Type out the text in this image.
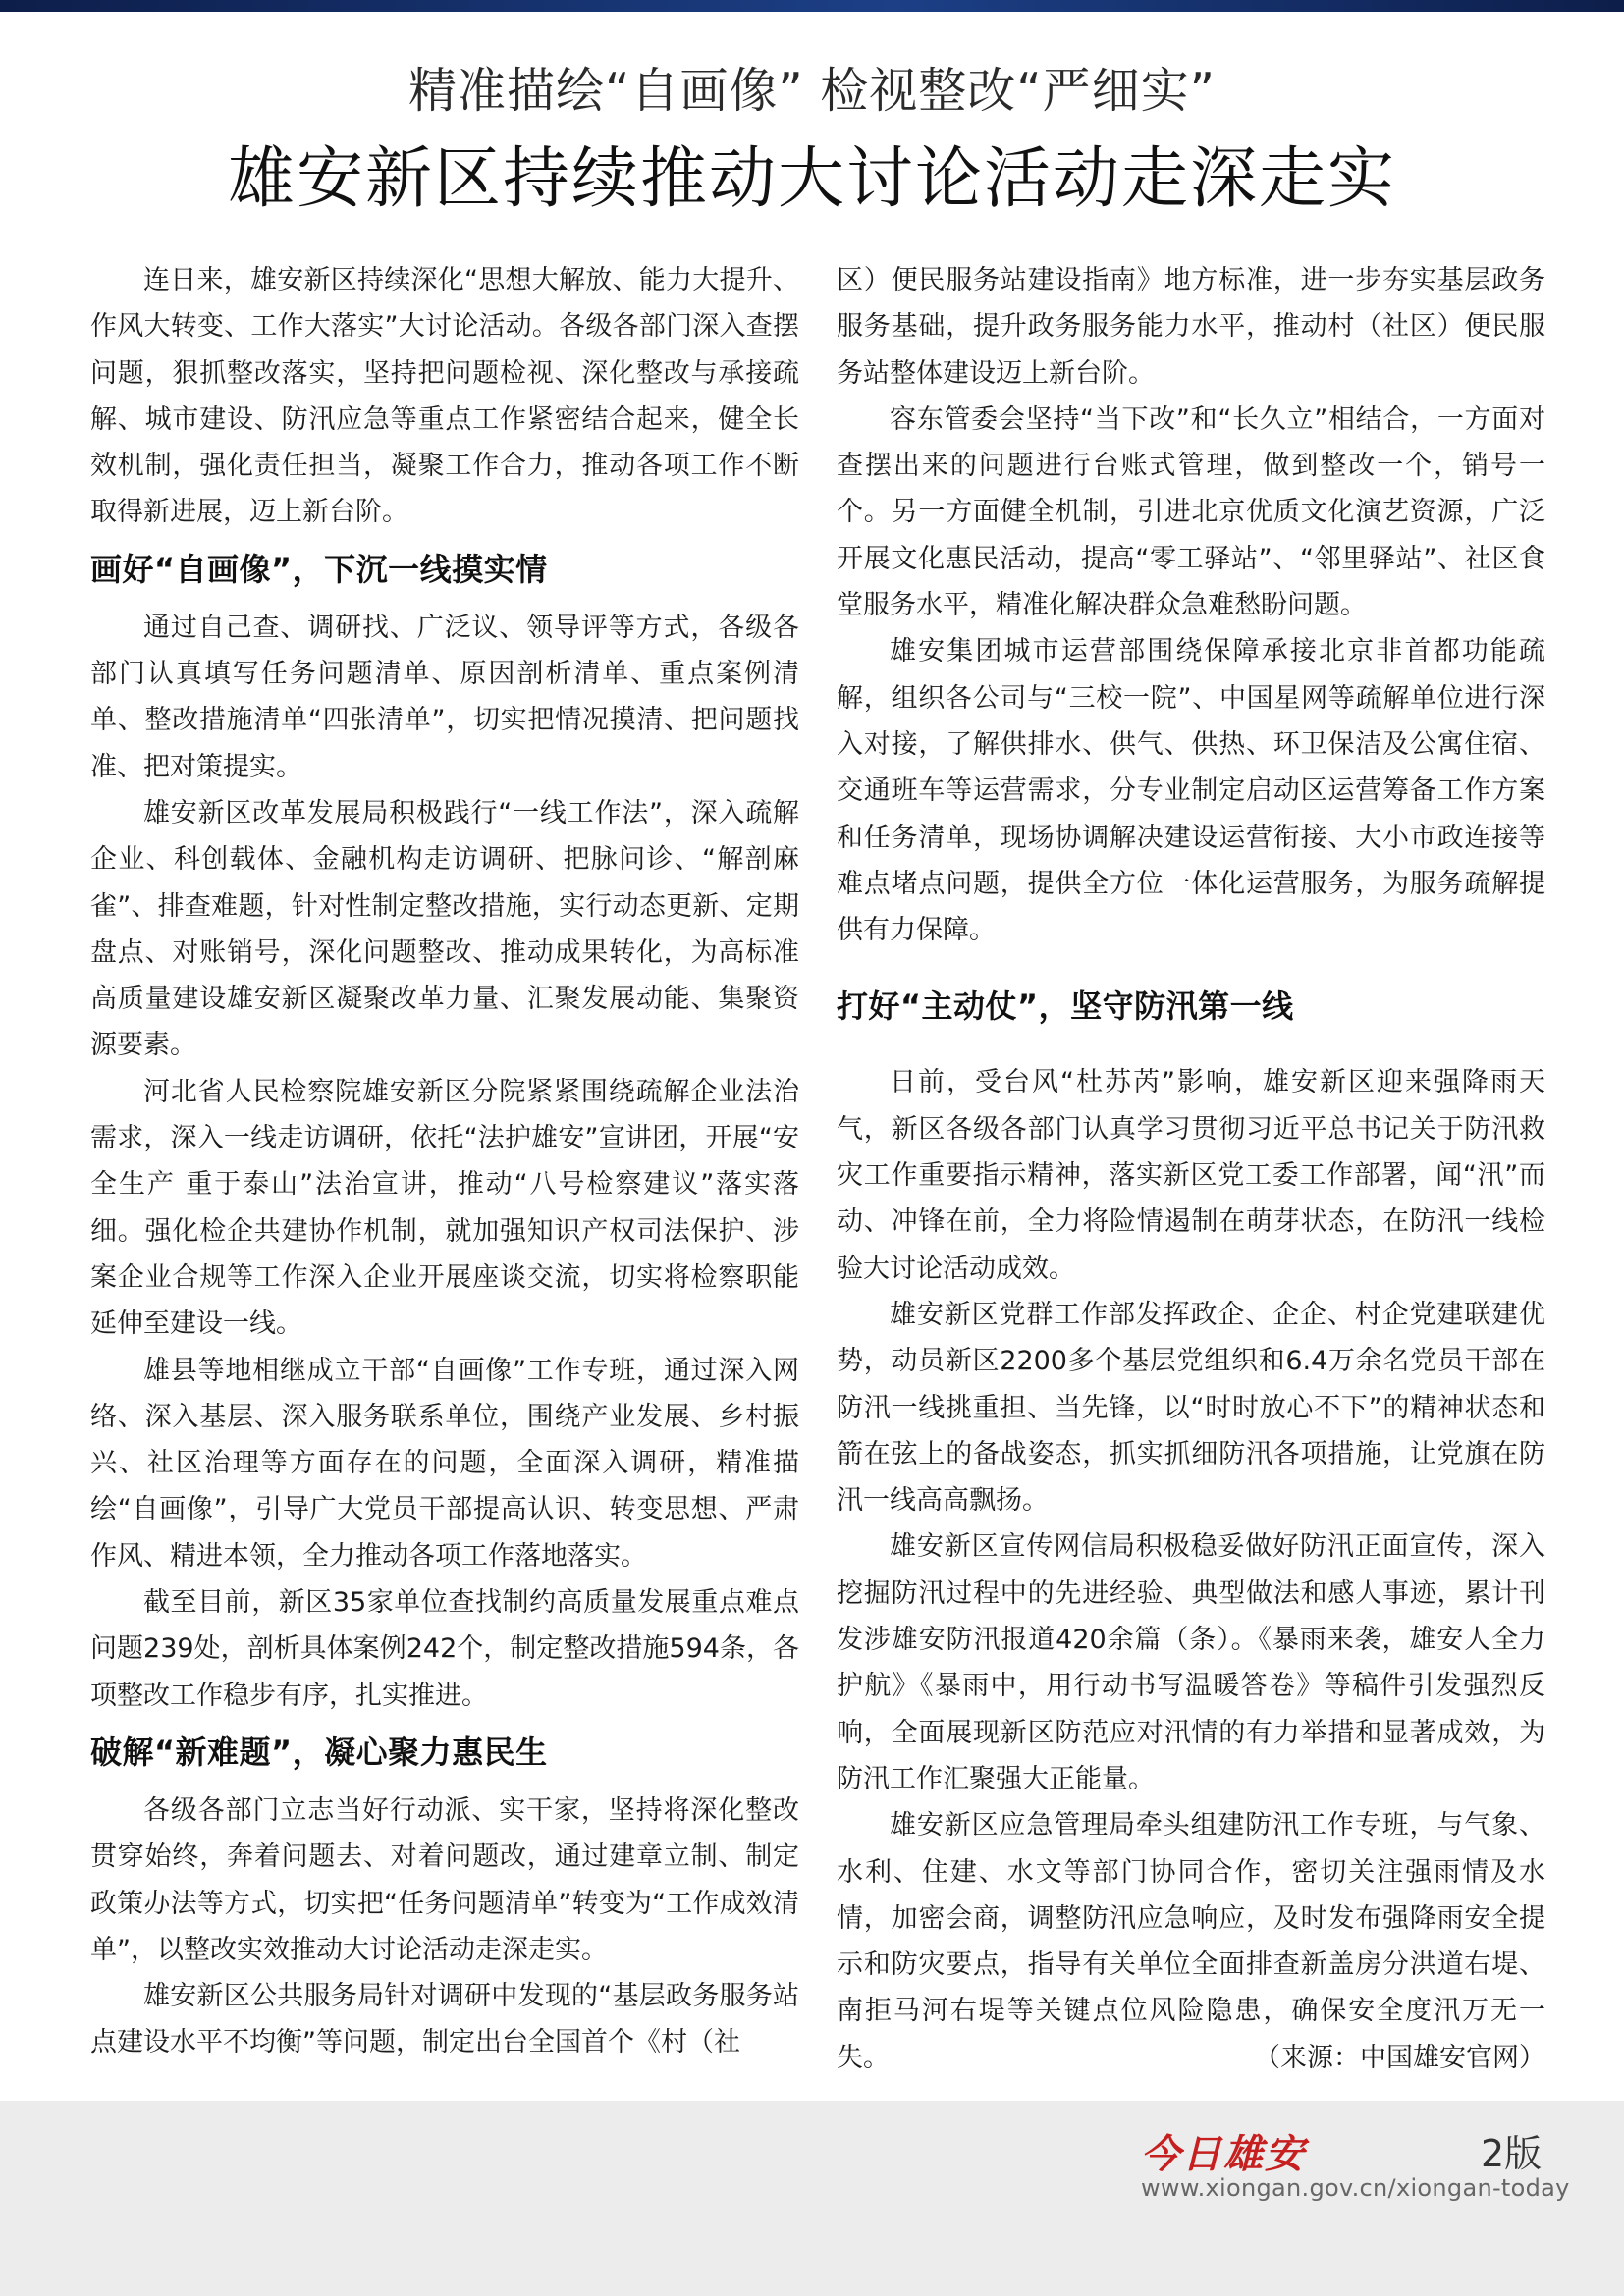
精准描绘“自画像” 检视整改“严细实”
雄安新区持续推动大讨论活动走深走实

连日来，雄安新区持续深化“思想大解放、能力大提升、作风大转变、工作大落实”大讨论活动。各级各部门深入查摆问题，狠抓整改落实，坚持把问题检视、深化整改与承接疏解、城市建设、防汛应急等重点工作紧密结合起来，健全长效机制，强化责任担当，凝聚工作合力，推动各项工作不断取得新进展，迈上新台阶。

画好“自画像”，下沉一线摸实情

通过自己查、调研找、广泛议、领导评等方式，各级各部门认真填写任务问题清单、原因剖析清单、重点案例清单、整改措施清单“四张清单”，切实把情况摸清、把问题找准、把对策提实。

雄安新区改革发展局积极践行“一线工作法”，深入疏解企业、科创载体、金融机构走访调研、把脉问诊、“解剖麻雀”、排查难题，针对性制定整改措施，实行动态更新、定期盘点、对账销号，深化问题整改、推动成果转化，为高标准高质量建设雄安新区凝聚改革力量、汇聚发展动能、集聚资源要素。

河北省人民检察院雄安新区分院紧紧围绕疏解企业法治需求，深入一线走访调研，依托“法护雄安”宣讲团，开展“安全生产 重于泰山”法治宣讲，推动“八号检察建议”落实落细。强化检企共建协作机制，就加强知识产权司法保护、涉案企业合规等工作深入企业开展座谈交流，切实将检察职能延伸至建设一线。

雄县等地相继成立干部“自画像”工作专班，通过深入网络、深入基层、深入服务联系单位，围绕产业发展、乡村振兴、社区治理等方面存在的问题，全面深入调研，精准描绘“自画像”，引导广大党员干部提高认识、转变思想、严肃作风、精进本领，全力推动各项工作落地落实。

截至目前，新区35家单位查找制约高质量发展重点难点问题239处，剖析具体案例242个，制定整改措施594条，各项整改工作稳步有序，扎实推进。

破解“新难题”，凝心聚力惠民生

各级各部门立志当好行动派、实干家，坚持将深化整改贯穿始终，奔着问题去、对着问题改，通过建章立制、制定政策办法等方式，切实把“任务问题清单”转变为“工作成效清单”，以整改实效推动大讨论活动走深走实。

雄安新区公共服务局针对调研中发现的“基层政务服务站点建设水平不均衡”等问题，制定出台全国首个《村（社

区）便民服务站建设指南》地方标准，进一步夯实基层政务服务基础，提升政务服务能力水平，推动村（社区）便民服务站整体建设迈上新台阶。

容东管委会坚持“当下改”和“长久立”相结合，一方面对查摆出来的问题进行台账式管理，做到整改一个，销号一个。另一方面健全机制，引进北京优质文化演艺资源，广泛开展文化惠民活动，提高“零工驿站”、“邻里驿站”、社区食堂服务水平，精准化解决群众急难愁盼问题。

雄安集团城市运营部围绕保障承接北京非首都功能疏解，组织各公司与“三校一院”、中国星网等疏解单位进行深入对接，了解供排水、供气、供热、环卫保洁及公寓住宿、交通班车等运营需求，分专业制定启动区运营筹备工作方案和任务清单，现场协调解决建设运营衔接、大小市政连接等难点堵点问题，提供全方位一体化运营服务，为服务疏解提供有力保障。

打好“主动仗”，坚守防汛第一线

日前，受台风“杜苏芮”影响，雄安新区迎来强降雨天气，新区各级各部门认真学习贯彻习近平总书记关于防汛救灾工作重要指示精神，落实新区党工委工作部署，闻“汛”而动、冲锋在前，全力将险情遏制在萌芽状态，在防汛一线检验大讨论活动成效。

雄安新区党群工作部发挥政企、企企、村企党建联建优势，动员新区2200多个基层党组织和6.4万余名党员干部在防汛一线挑重担、当先锋，以“时时放心不下”的精神状态和箭在弦上的备战姿态，抓实抓细防汛各项措施，让党旗在防汛一线高高飘扬。

雄安新区宣传网信局积极稳妥做好防汛正面宣传，深入挖掘防汛过程中的先进经验、典型做法和感人事迹，累计刊发涉雄安防汛报道420余篇（条）。《暴雨来袭，雄安人全力护航》《暴雨中，用行动书写温暖答卷》等稿件引发强烈反响，全面展现新区防范应对汛情的有力举措和显著成效，为防汛工作汇聚强大正能量。

雄安新区应急管理局牵头组建防汛工作专班，与气象、水利、住建、水文等部门协同合作，密切关注强雨情及水情，加密会商，调整防汛应急响应，及时发布强降雨安全提示和防灾要点，指导有关单位全面排查新盖房分洪道右堤、南拒马河右堤等关键点位风险隐患，确保安全度汛万无一失。	（来源：中国雄安官网）

今日雄安	2版
www.xiongan.gov.cn/xiongan-today
